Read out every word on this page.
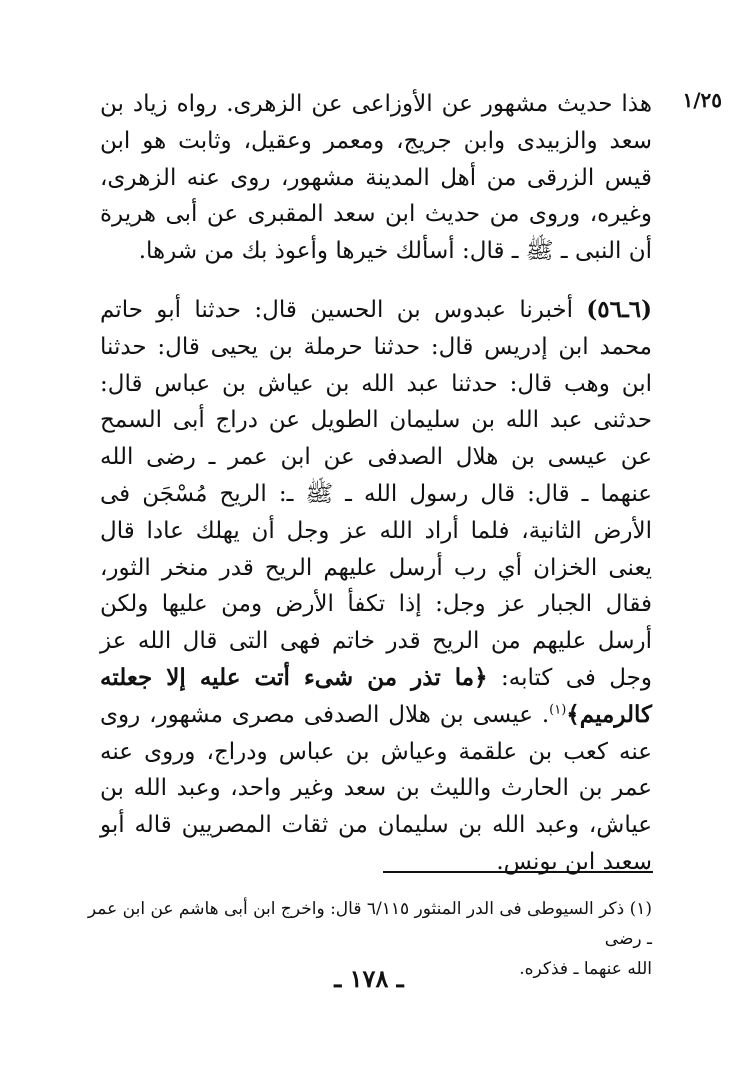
١/٢٥

هذا حديث مشهور عن الأوزاعى عن الزهرى. رواه زياد بن سعد والزبيدى وابن جريج، ومعمر وعقيل، وثابت هو ابن قيس الزرقى من أهل المدينة مشهور، روى عنه الزهرى، وغيره، وروى من حديث ابن سعد المقبرى عن أبى هريرة أن النبى ـ ﷺ ـ قال: أسألك خيرها وأعوذ بك من شرها.

(٦ـ٥٦) أخبرنا عبدوس بن الحسين قال: حدثنا أبو حاتم محمد ابن إدريس قال: حدثنا حرملة بن يحيى قال: حدثنا ابن وهب قال: حدثنا عبد الله بن عياش بن عباس قال: حدثنى عبد الله بن سليمان الطويل عن دراج أبى السمح عن عيسى بن هلال الصدفى عن ابن عمر ـ رضى الله عنهما ـ قال: قال رسول الله ـ ﷺ ـ: الريح مُسْجَن فى الأرض الثانية، فلما أراد الله عز وجل أن يهلك عادا قال يعنى الخزان أي رب أرسل عليهم الريح قدر منخر الثور، فقال الجبار عز وجل: إذا تكفأ الأرض ومن عليها ولكن أرسل عليهم من الريح قدر خاتم فهى التى قال الله عز وجل فى كتابه: ﴿ما تذر من شىء أتت عليه إلا جعلته كالرميم﴾$^{(١)}$. عيسى بن هلال الصدفى مصرى مشهور، روى عنه كعب بن علقمة وعياش بن عباس ودراج، وروى عنه عمر بن الحارث والليث بن سعد وغير واحد، وعبد الله بن عياش، وعبد الله بن سليمان من ثقات المصريين قاله أبو سعيد ابن يونس.

(١) ذكر السيوطى فى الدر المنثور ٦/١١٥ قال: واخرج ابن أبى هاشم عن ابن عمر ـ رضى

الله عنهما ـ فذكره.

ـ ١٧٨ ـ
